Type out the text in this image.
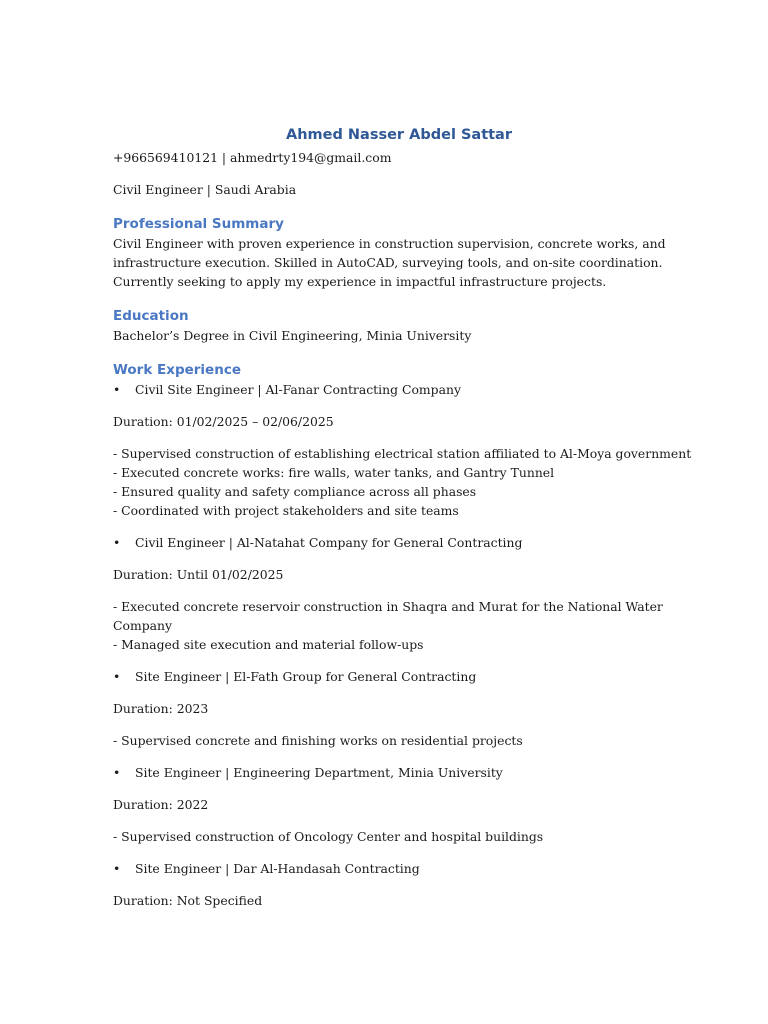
Ahmed Nasser Abdel Sattar

+966569410121 | ahmedrty194@gmail.com

Civil Engineer | Saudi Arabia

Professional Summary

Civil Engineer with proven experience in construction supervision, concrete works, and

infrastructure execution. Skilled in AutoCAD, surveying tools, and on-site coordination.

Currently seeking to apply my experience in impactful infrastructure projects.

Education

Bachelor’s Degree in Civil Engineering, Minia University

Work Experience

•	Civil Site Engineer | Al-Fanar Contracting Company

Duration: 01/02/2025 – 02/06/2025

- Supervised construction of establishing electrical station affiliated to Al-Moya government

- Executed concrete works: fire walls, water tanks, and Gantry Tunnel

- Ensured quality and safety compliance across all phases

- Coordinated with project stakeholders and site teams

•	Civil Engineer | Al-Natahat Company for General Contracting

Duration: Until 01/02/2025

- Executed concrete reservoir construction in Shaqra and Murat for the National Water

Company

- Managed site execution and material follow-ups

•	Site Engineer | El-Fath Group for General Contracting

Duration: 2023

- Supervised concrete and finishing works on residential projects

•	Site Engineer | Engineering Department, Minia University

Duration: 2022

- Supervised construction of Oncology Center and hospital buildings

•	Site Engineer | Dar Al-Handasah Contracting

Duration: Not Specified
